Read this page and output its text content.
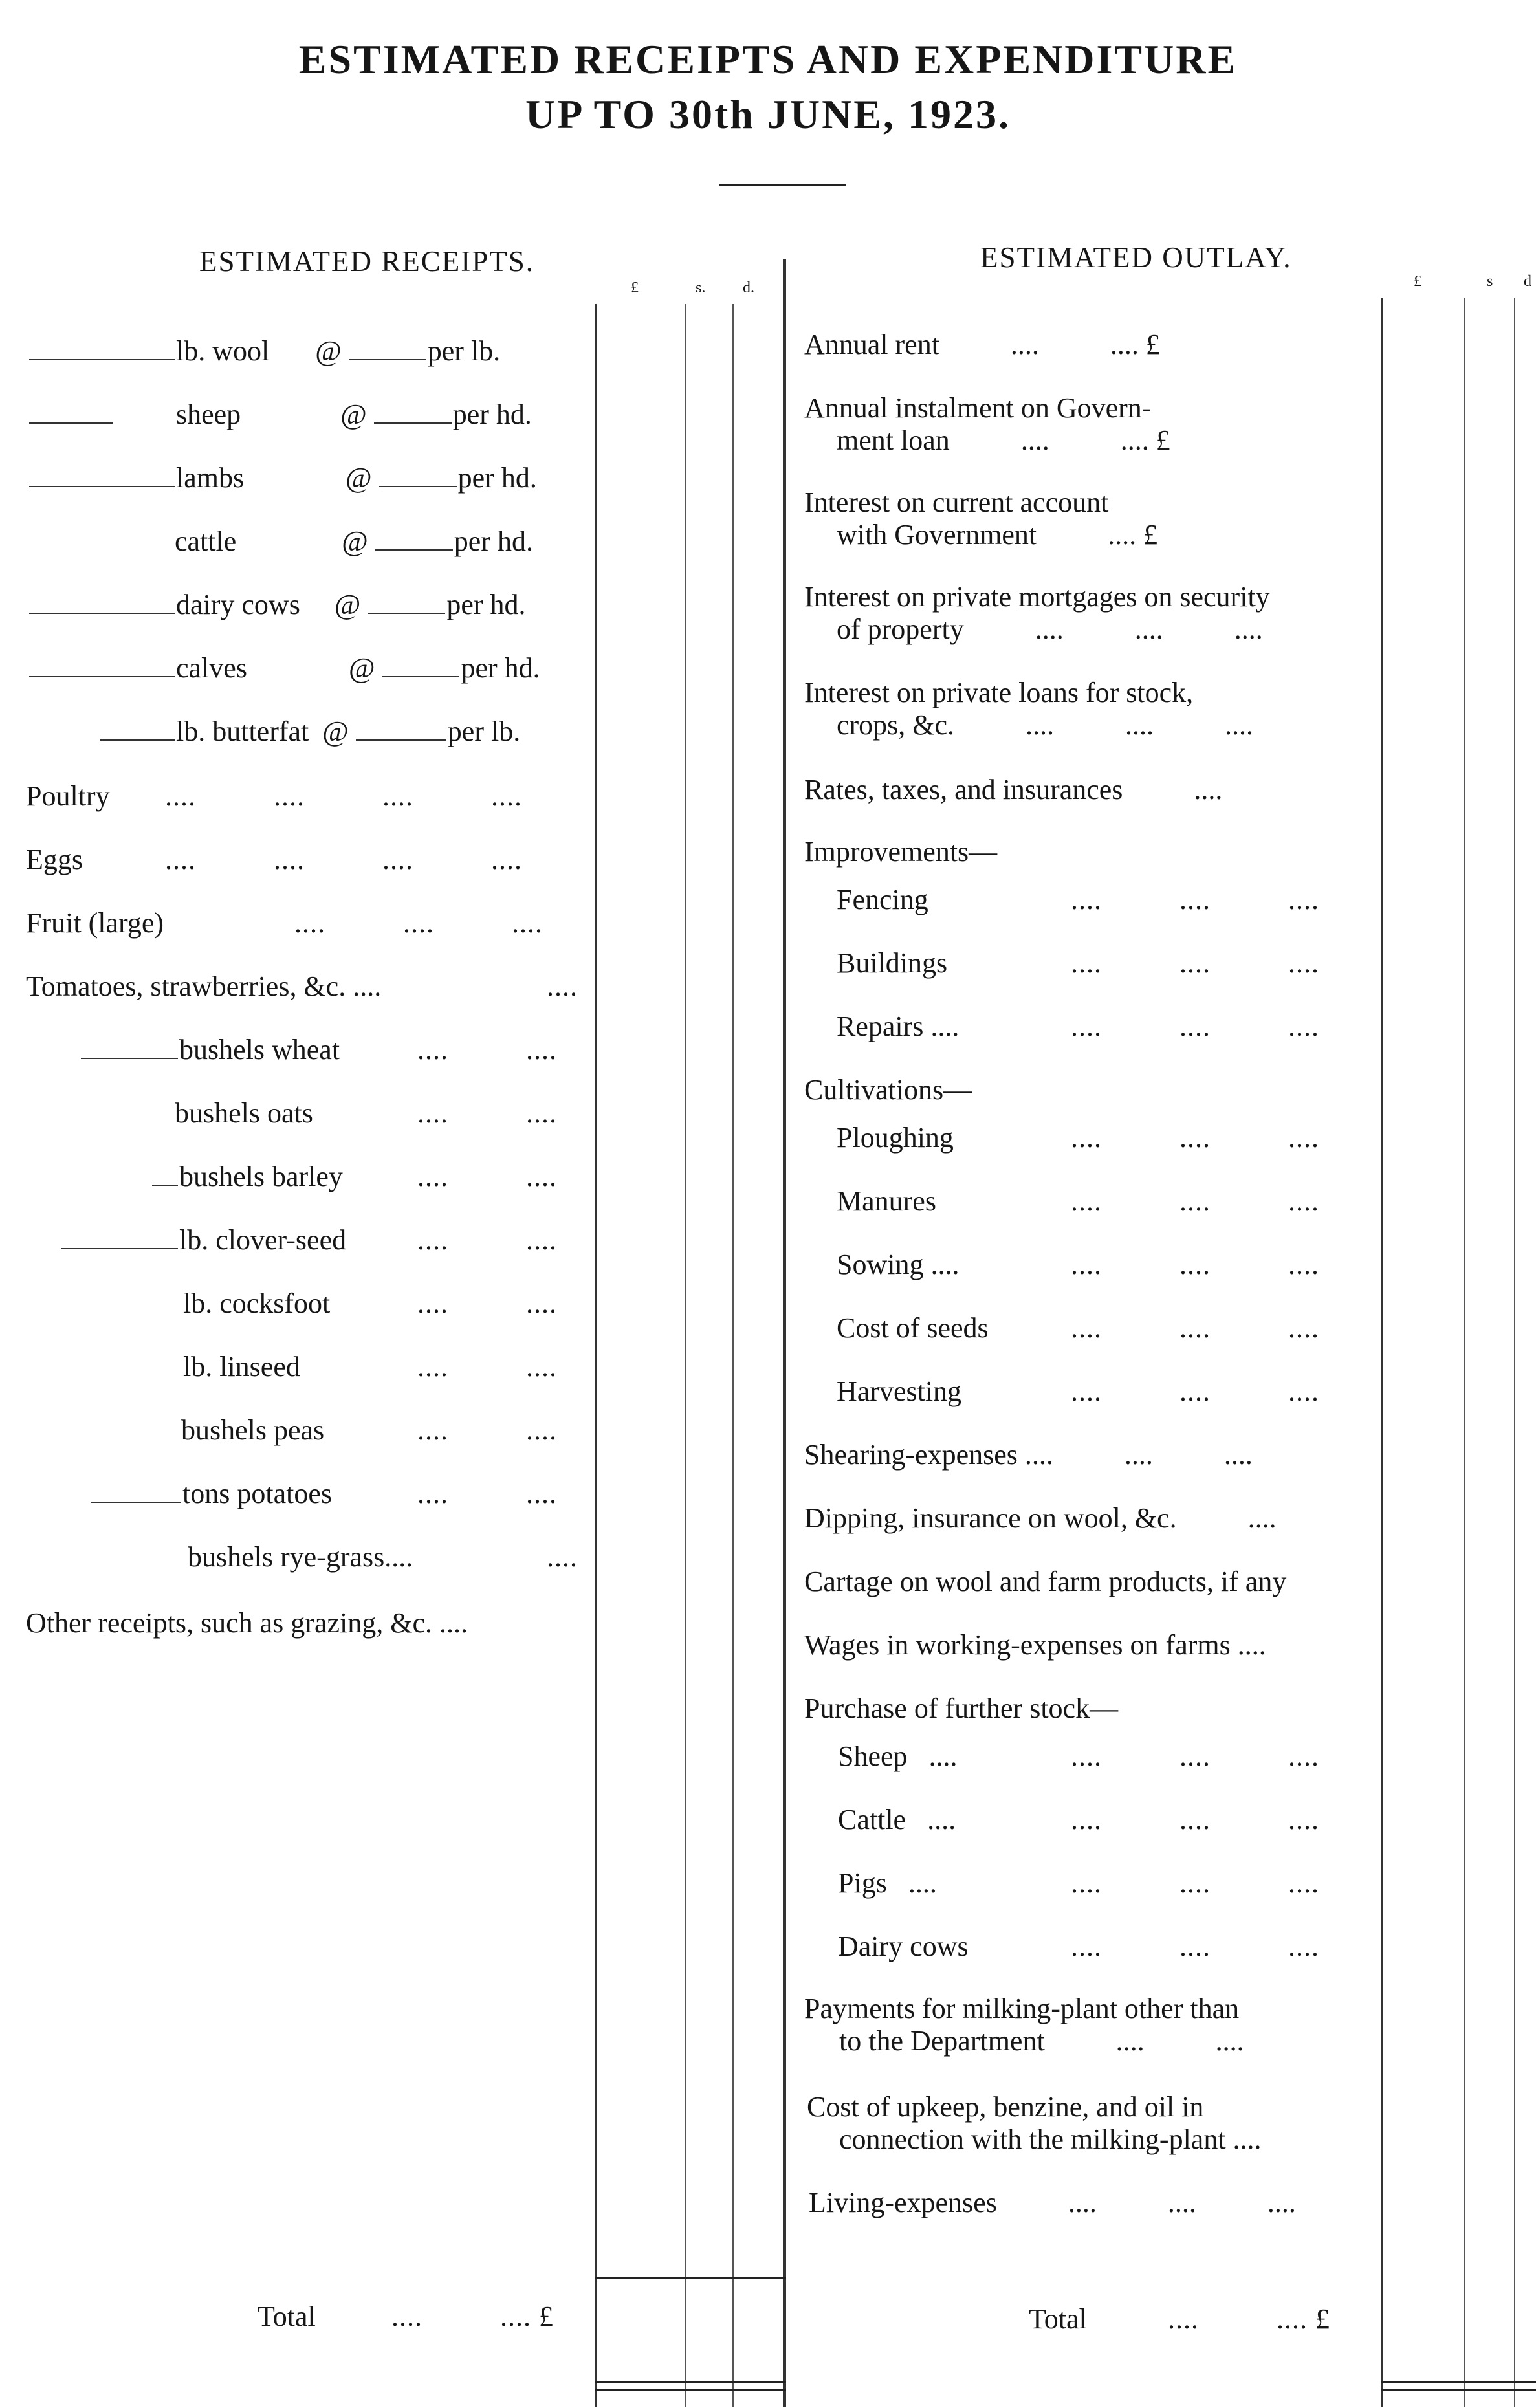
ESTIMATED RECEIPTS AND EXPENDITURE
UP TO 30th JUNE, 1923.
ESTIMATED RECEIPTS.
£	s. d.
ESTIMATED OUTLAY.
£	s d
lb. wool @	per lb.
sheep	@	per hd.
lambs	@	per hd.
cattle	@	per hd.
dairy cows @	per hd.
calves	@	per hd.
lb. butterfat @	per lb.
Poultry ....          ....          ....          ....
Eggs	....          ....          ....          ....
Fruit (large)	....          ....          ....
Tomatoes, strawberries, &c. ....	....
bushels wheat	....          ....
bushels oats	....          ....
bushels barley	....          ....
lb. clover-seed ....          ....
lb. cocksfoot	....          ....
lb. linseed	....          ....
bushels peas	....          ....
tons potatoes	....          ....
bushels rye-grass....	....
Other receipts, such as grazing, &c. ....
Total	....          .... £
Annual rent          ....          .... £
Annual instalment on Govern-
ment loan          ....          .... £
Interest on current account
with Government          .... £
Interest on private mortgages on security
of property          ....          ....          ....
Interest on private loans for stock,
crops, &c.          ....          ....          ....
Rates, taxes, and insurances          ....
Improvements—
Fencing	....          ....          ....
Buildings	....          ....          ....
Repairs ....	....          ....          ....
Cultivations—
Ploughing	....          ....          ....
Manures	....          ....          ....
Sowing ....	....          ....          ....
Cost of seeds	....          ....          ....
Harvesting	....          ....          ....
Shearing-expenses ....          ....          ....
Dipping, insurance on wool, &c.          ....
Cartage on wool and farm products, if any
Wages in working-expenses on farms ....
Purchase of further stock—
Sheep   ....	....          ....          ....
Cattle   ....	....          ....          ....
Pigs   ....	....          ....          ....
Dairy cows	....          ....          ....
Payments for milking-plant other than
to the Department          ....          ....
Cost of upkeep, benzine, and oil in
connection with the milking-plant ....
Living-expenses          ....          ....          ....
Total	....          .... £
